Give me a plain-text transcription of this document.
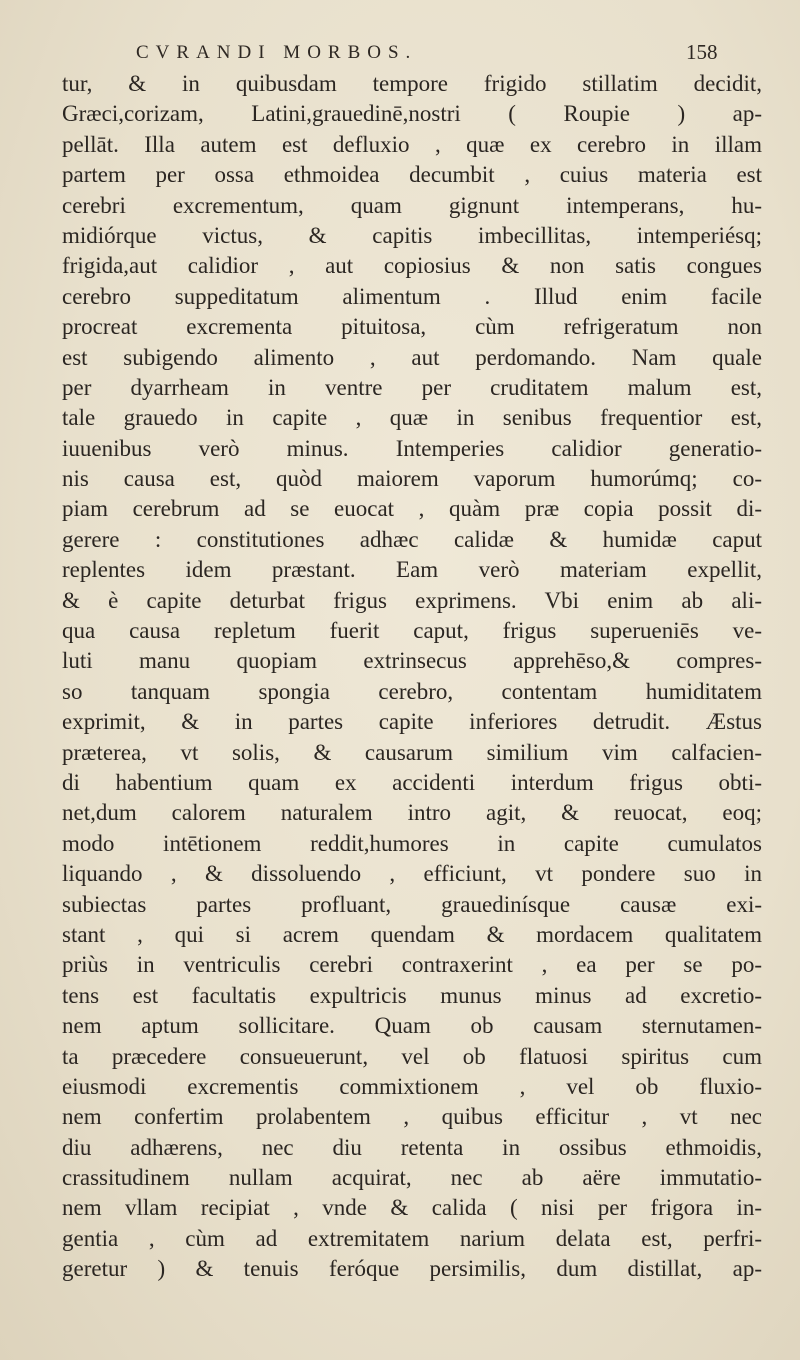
CVRANDI MORBOS.	158
tur, & in quibusdam tempore frigido stillatim decidit,
Græci,corizam, Latini,grauedinē,nostri ( Roupie ) ap-
pellāt. Illa autem est defluxio , quæ ex cerebro in illam
partem per ossa ethmoidea decumbit , cuius materia est
cerebri excrementum, quam gignunt intemperans, hu-
midiórque victus, & capitis imbecillitas, intemperiésq;
frigida,aut calidior , aut copiosius & non satis congues
cerebro suppeditatum alimentum . Illud enim facile
procreat excrementa pituitosa, cùm refrigeratum non
est subigendo alimento , aut perdomando. Nam quale
per dyarrheam in ventre per cruditatem malum est,
tale grauedo in capite , quæ in senibus frequentior est,
iuuenibus verò minus. Intemperies calidior generatio-
nis causa est, quòd maiorem vaporum humorúmq; co-
piam cerebrum ad se euocat , quàm præ copia possit di-
gerere : constitutiones adhæc calidæ & humidæ caput
replentes idem præstant. Eam verò materiam expellit,
& è capite deturbat frigus exprimens. Vbi enim ab ali-
qua causa repletum fuerit caput, frigus superueniēs ve-
luti manu quopiam extrinsecus apprehēso,& compres-
so tanquam spongia cerebro, contentam humiditatem
exprimit, & in partes capite inferiores detrudit. Æstus
præterea, vt solis, & causarum similium vim calfacien-
di habentium quam ex accidenti interdum frigus obti-
net,dum calorem naturalem intro agit, & reuocat, eoq;
modo intētionem reddit,humores in capite cumulatos
liquando , & dissoluendo , efficiunt, vt pondere suo in
subiectas partes profluant, grauedinísque causæ exi-
stant , qui si acrem quendam & mordacem qualitatem
priùs in ventriculis cerebri contraxerint , ea per se po-
tens est facultatis expultricis munus minus ad excretio-
nem aptum sollicitare. Quam ob causam sternutamen-
ta præcedere consueuerunt, vel ob flatuosi spiritus cum
eiusmodi excrementis commixtionem , vel ob fluxio-
nem confertim prolabentem , quibus efficitur , vt nec
diu adhærens, nec diu retenta in ossibus ethmoidis,
crassitudinem nullam acquirat, nec ab aëre immutatio-
nem vllam recipiat , vnde & calida ( nisi per frigora in-
gentia , cùm ad extremitatem narium delata est, perfri-
geretur ) & tenuis feróque persimilis, dum distillat, ap-
